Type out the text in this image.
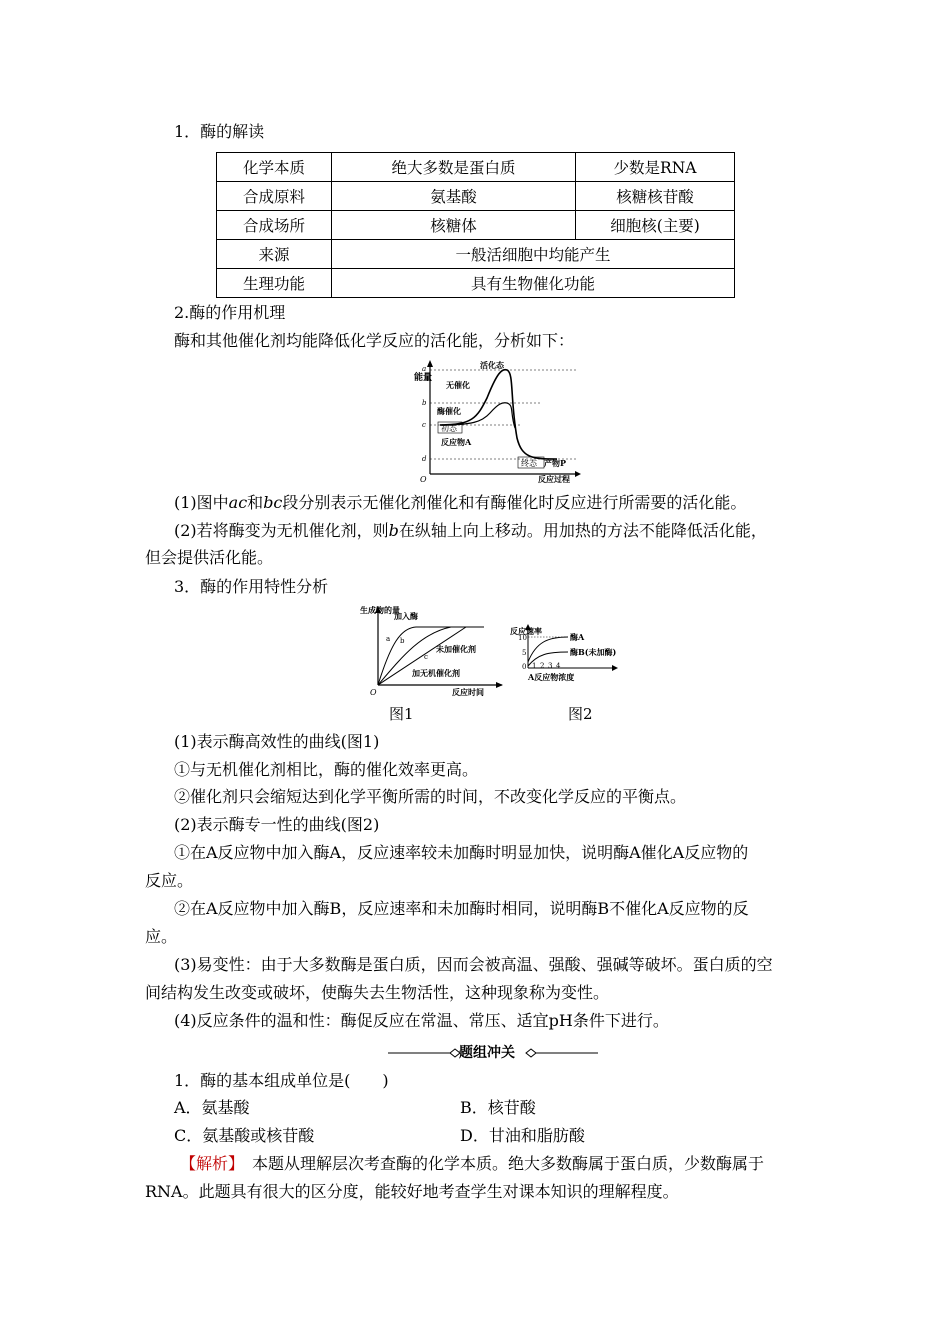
1．酶的解读
化学本质	绝大多数是蛋白质	少数是RNA
合成原料	氨基酸	核糖核苷酸
合成场所	核糖体	细胞核(主要)
来源	一般活细胞中均能产生	
生理功能	具有生物催化功能	
2.酶的作用机理
酶和其他催化剂均能降低化学反应的活化能，分析如下：
能量
a
b
c
d
O
活化态
无催化
酶催化
初态
反应物A
终态 产物P
反应过程
(1)图中ac和bc段分别表示无催化剂催化和有酶催化时反应进行所需要的活化能。
(2)若将酶变为无机催化剂，则b在纵轴上向上移动。用加热的方法不能降低活化能，
但会提供活化能。
3．酶的作用特性分析
生成物的量
O
加入酶
a b
c
未加催化剂
加无机催化剂
反应时间
反应速率
10
5
0 1 2 3 4
酶A
酶B(未加酶)
A反应物浓度
图1	图2
(1)表示酶高效性的曲线(图1)
①与无机催化剂相比，酶的催化效率更高。
②催化剂只会缩短达到化学平衡所需的时间，不改变化学反应的平衡点。
(2)表示酶专一性的曲线(图2)
①在A反应物中加入酶A，反应速率较未加酶时明显加快，说明酶A催化A反应物的
反应。
②在A反应物中加入酶B，反应速率和未加酶时相同，说明酶B不催化A反应物的反
应。
(3)易变性：由于大多数酶是蛋白质，因而会被高温、强酸、强碱等破坏。蛋白质的空
间结构发生改变或破坏，使酶失去生物活性，这种现象称为变性。
(4)反应条件的温和性：酶促反应在常温、常压、适宜pH条件下进行。
题组冲关
1．酶的基本组成单位是(　　)
A．氨基酸	B．核苷酸
C．氨基酸或核苷酸	D．甘油和脂肪酸
【解析】　本题从理解层次考查酶的化学本质。绝大多数酶属于蛋白质，少数酶属于
RNA。此题具有很大的区分度，能较好地考查学生对课本知识的理解程度。
